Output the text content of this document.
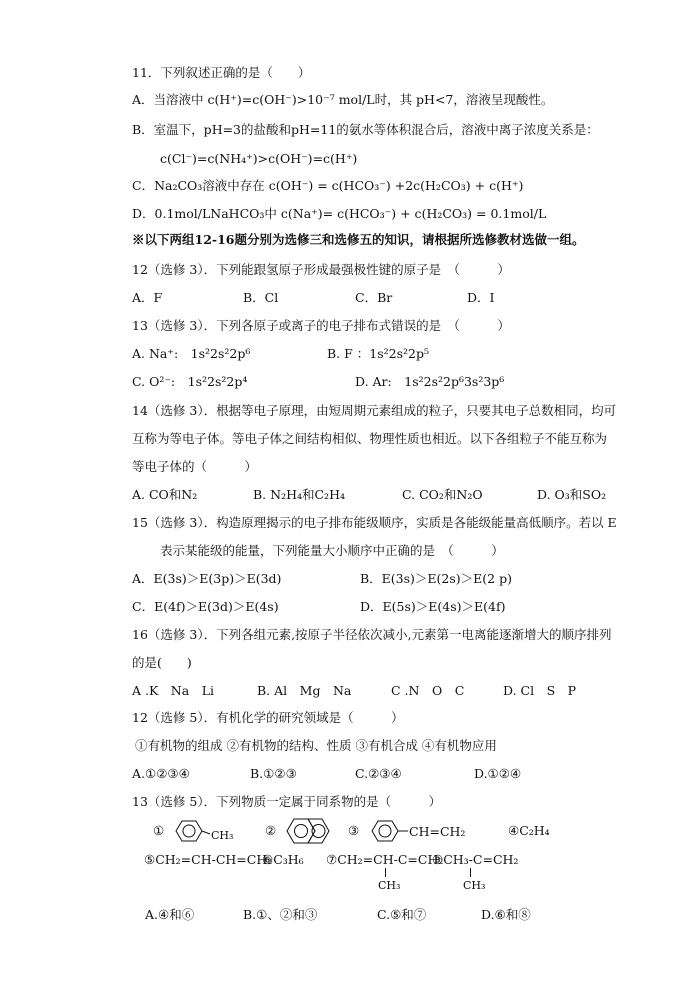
11．下列叙述正确的是（　　）
A．当溶液中 c(H⁺)=c(OH⁻)>10⁻⁷ mol/L时，其 pH<7，溶液呈现酸性。
B．室温下，pH=3的盐酸和pH=11的氨水等体积混合后，溶液中离子浓度关系是：
c(Cl⁻)=c(NH₄⁺)>c(OH⁻)=c(H⁺)
C．Na₂CO₃溶液中存在 c(OH⁻) = c(HCO₃⁻) +2c(H₂CO₃) + c(H⁺)
D．0.1mol/LNaHCO₃中 c(Na⁺)= c(HCO₃⁻) + c(H₂CO₃) = 0.1mol/L
※以下两组12-16题分别为选修三和选修五的知识，请根据所选修教材选做一组。
12（选修 3）．下列能跟氢原子形成最强极性键的原子是　（　　　）
A．F	B．Cl	C．Br	D．I
13（选修 3）．下列各原子或离子的电子排布式错误的是　（　　　）
A. Na⁺:　1s²2s²2p⁶	B. F ：1s²2s²2p⁵
C. O²⁻:　1s²2s²2p⁴	D. Ar:　1s²2s²2p⁶3s²3p⁶
14（选修 3）．根据等电子原理，由短周期元素组成的粒子，只要其电子总数相同，均可
互称为等电子体。等电子体之间结构相似、物理性质也相近。以下各组粒子不能互称为
等电子体的（　　　）
A. CO和N₂	B. N₂H₄和C₂H₄	C. CO₂和N₂O	D. O₃和SO₂
15（选修 3）．构造原理揭示的电子排布能级顺序，实质是各能级能量高低顺序。若以 E
表示某能级的能量，下列能量大小顺序中正确的是　（　　　）
A．E(3s)＞E(3p)＞E(3d)	B．E(3s)＞E(2s)＞E(2 p)
C．E(4f)＞E(3d)＞E(4s)	D．E(5s)＞E(4s)＞E(4f)
16（选修 3）．下列各组元素,按原子半径依次减小,元素第一电离能逐渐增大的顺序排列
的是(　　)
A .K　Na　Li	B. Al　Mg　Na	C .N　O　C	D. Cl　S　P
12（选修 5）．有机化学的研究领域是（　　　）
①有机物的组成 ②有机物的结构、性质 ③有机合成 ④有机物应用
A.①②③④	B.①②③	C.②③④	D.①②④
13（选修 5）．下列物质一定属于同系物的是（　　　）
①	CH₃	②	③	CH=CH₂	④C₂H₄
⑤CH₂=CH-CH=CH₂
⑥C₃H₆ ⑦CH₂=CH-C=CH₂
⑧CH₃-C=CH₂
CH₃	CH₃
A.④和⑥	B.①、②和③	C.⑤和⑦	D.⑥和⑧
